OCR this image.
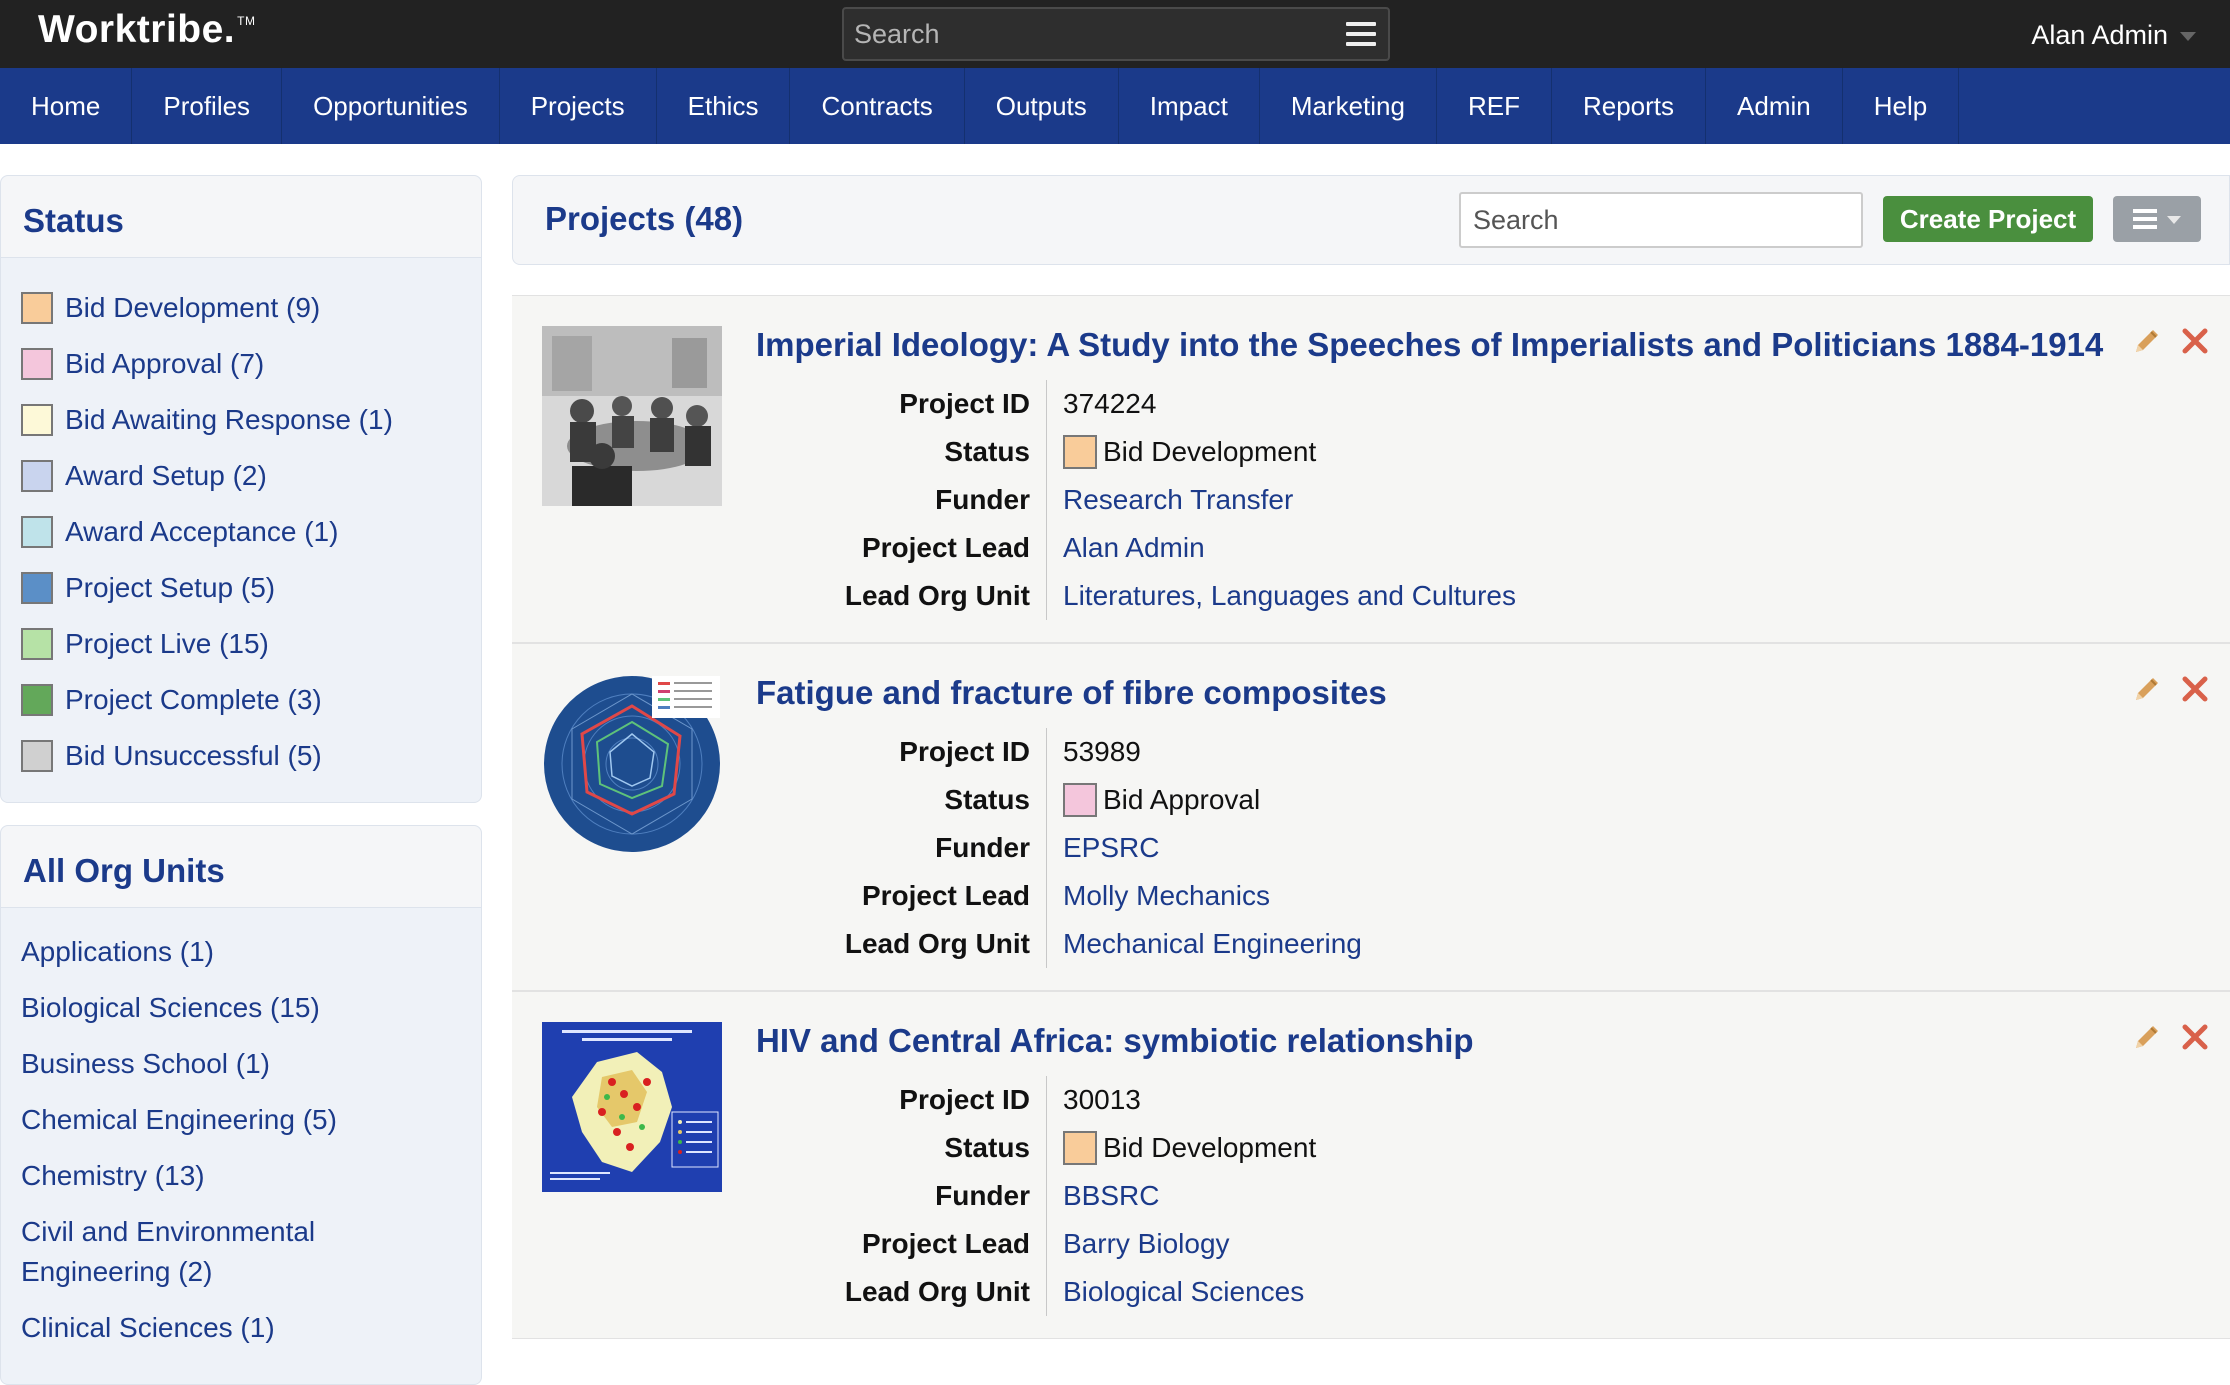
Worktribe. ™
Search	Alan Admin
Home	Profiles	Opportunities	Projects	Ethics	Contracts	Outputs	Impact	Marketing	REF	Reports	Admin	Help
Status
Bid Development (9)
Bid Approval (7)
Bid Awaiting Response (1)
Award Setup (2)
Award Acceptance (1)
Project Setup (5)
Project Live (15)
Project Complete (3)
Bid Unsuccessful (5)
All Org Units
Applications (1)
Biological Sciences (15)
Business School (1)
Chemical Engineering (5)
Chemistry (13)
Civil and Environmental Engineering (2)
Clinical Sciences (1)
Projects (48)
Search	Create Project
Imperial Ideology: A Study into the Speeches of Imperialists and Politicians 1884-1914
Project ID	374224
Status	Bid Development
Funder	Research Transfer
Project Lead	Alan Admin
Lead Org Unit	Literatures, Languages and Cultures
Fatigue and fracture of fibre composites
Project ID	53989
Status	Bid Approval
Funder	EPSRC
Project Lead	Molly Mechanics
Lead Org Unit	Mechanical Engineering
HIV and Central Africa: symbiotic relationship
Project ID	30013
Status	Bid Development
Funder	BBSRC
Project Lead	Barry Biology
Lead Org Unit	Biological Sciences
